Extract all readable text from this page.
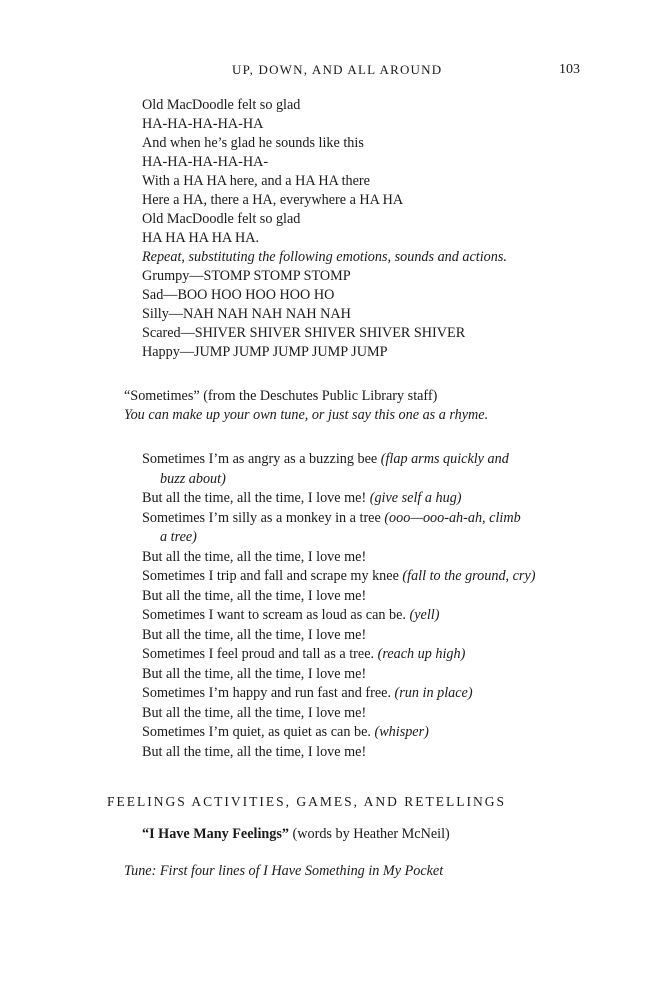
UP, DOWN, AND ALL AROUND	103
Old MacDoodle felt so glad
HA-HA-HA-HA-HA
And when he’s glad he sounds like this
HA-HA-HA-HA-HA-
With a HA HA here, and a HA HA there
Here a HA, there a HA, everywhere a HA HA
Old MacDoodle felt so glad
HA HA HA HA HA.
Repeat, substituting the following emotions, sounds and actions.
Grumpy—STOMP STOMP STOMP
Sad—BOO HOO HOO HOO HO
Silly—NAH NAH NAH NAH NAH
Scared—SHIVER SHIVER SHIVER SHIVER SHIVER
Happy—JUMP JUMP JUMP JUMP JUMP
“Sometimes” (from the Deschutes Public Library staff)
You can make up your own tune, or just say this one as a rhyme.
Sometimes I’m as angry as a buzzing bee (flap arms quickly and
buzz about)
But all the time, all the time, I love me! (give self a hug)
Sometimes I’m silly as a monkey in a tree (ooo—ooo-ah-ah, climb
a tree)
But all the time, all the time, I love me!
Sometimes I trip and fall and scrape my knee (fall to the ground, cry)
But all the time, all the time, I love me!
Sometimes I want to scream as loud as can be. (yell)
But all the time, all the time, I love me!
Sometimes I feel proud and tall as a tree. (reach up high)
But all the time, all the time, I love me!
Sometimes I’m happy and run fast and free. (run in place)
But all the time, all the time, I love me!
Sometimes I’m quiet, as quiet as can be. (whisper)
But all the time, all the time, I love me!
FEELINGS ACTIVITIES, GAMES, AND RETELLINGS
“I Have Many Feelings” (words by Heather McNeil)
Tune: First four lines of I Have Something in My Pocket
